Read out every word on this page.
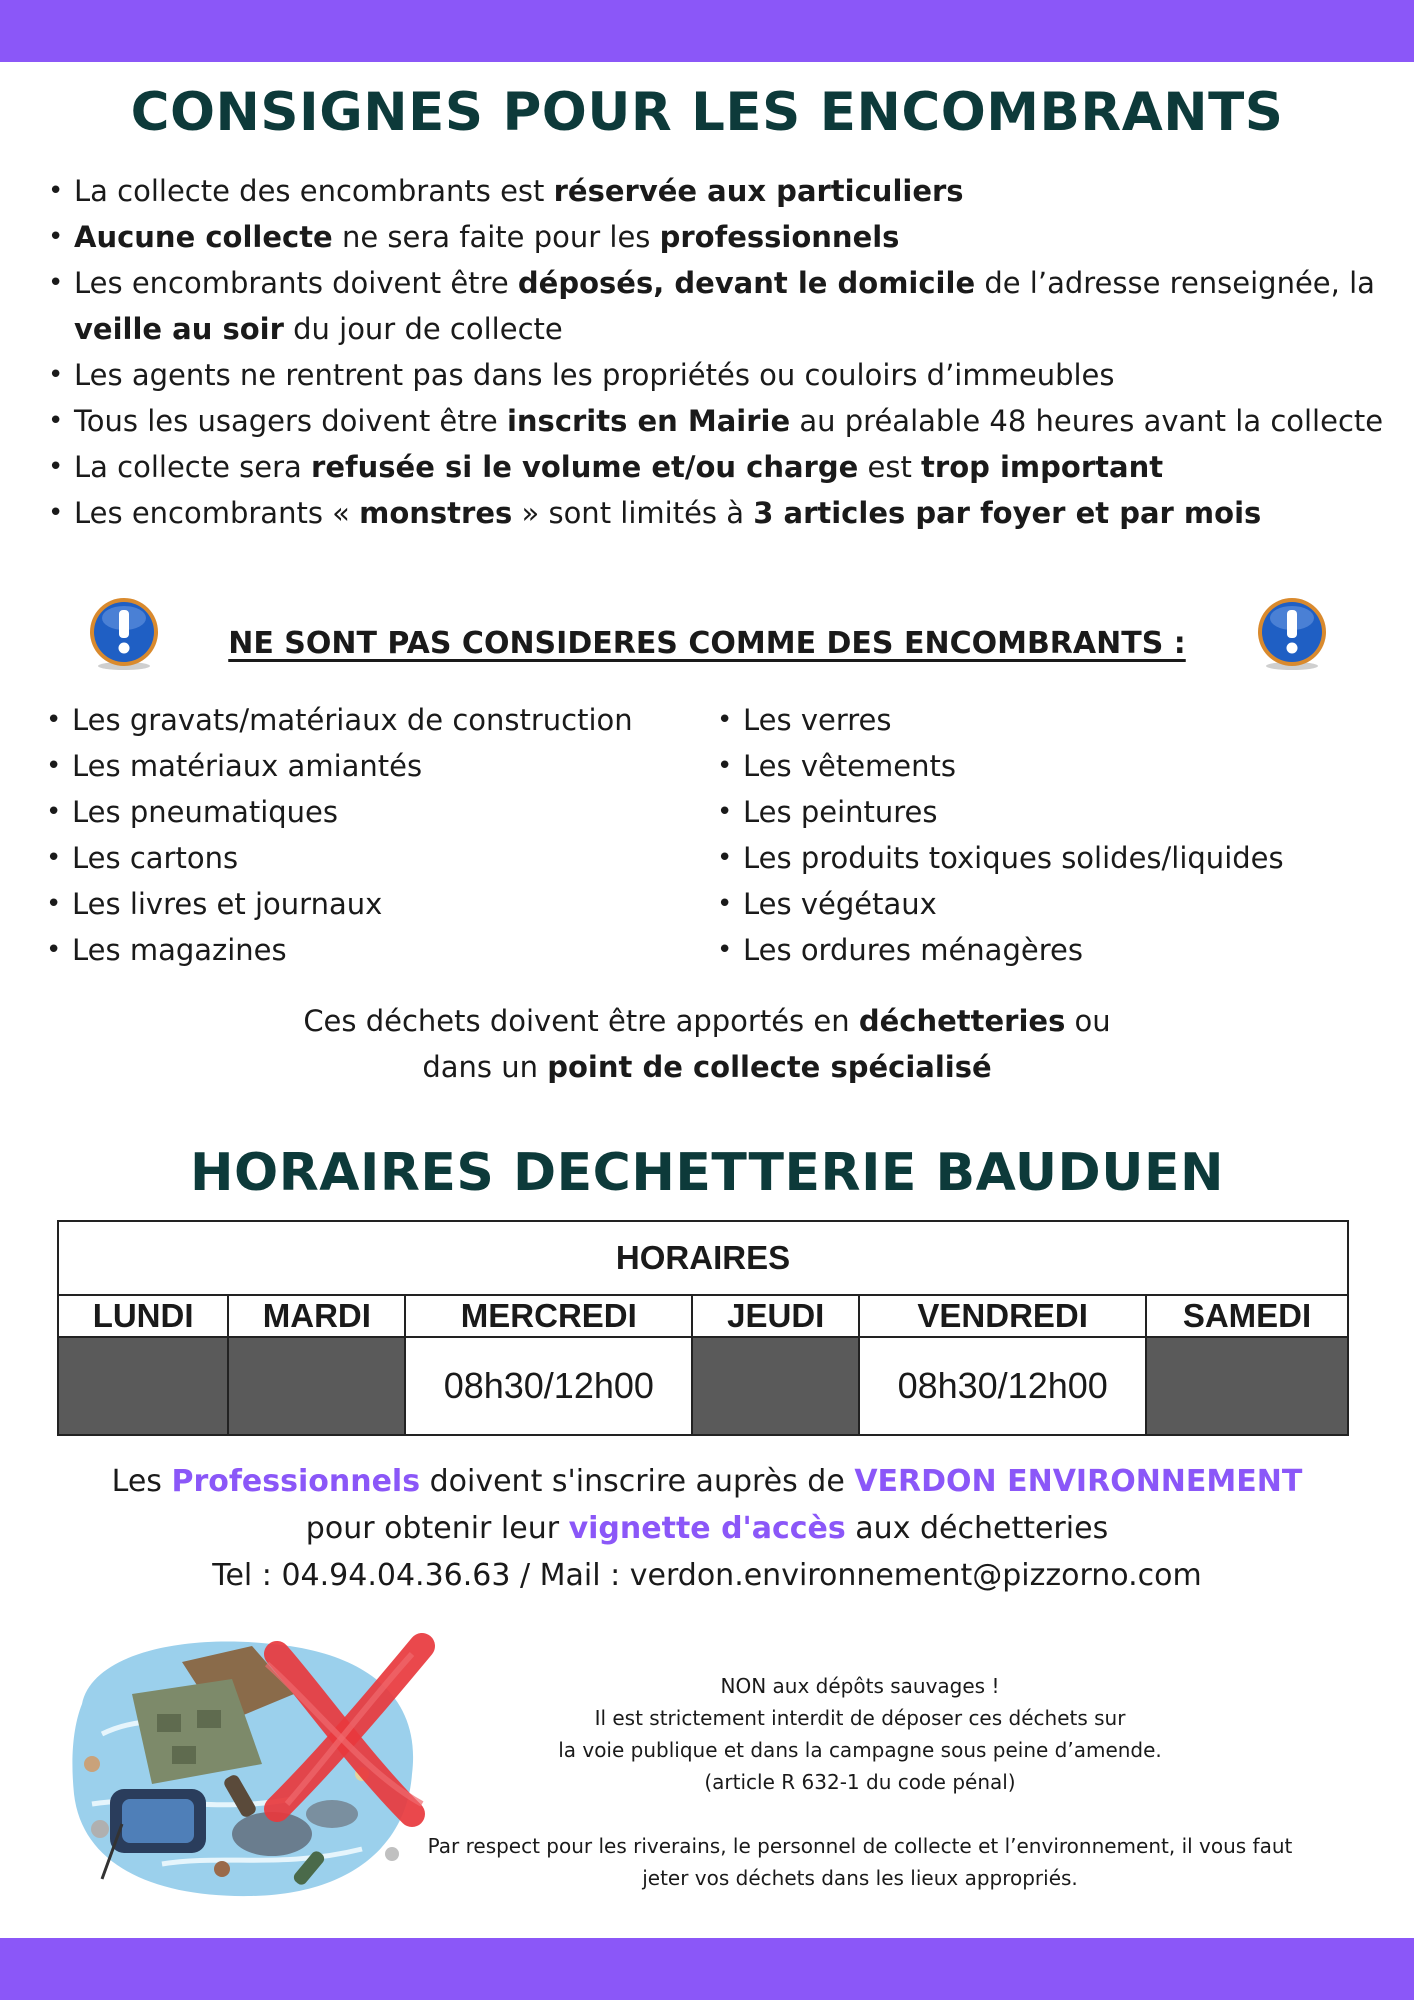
CONSIGNES POUR LES ENCOMBRANTS
• La collecte des encombrants est réservée aux particuliers
• Aucune collecte ne sera faite pour les professionnels
• Les encombrants doivent être déposés, devant le domicile de l’adresse renseignée, la veille au soir du jour de collecte
• Les agents ne rentrent pas dans les propriétés ou couloirs d’immeubles
• Tous les usagers doivent être inscrits en Mairie au préalable 48 heures avant la collecte
• La collecte sera refusée si le volume et/ou charge est trop important
• Les encombrants « monstres » sont limités à 3 articles par foyer et par mois
NE SONT PAS CONSIDERES COMME DES ENCOMBRANTS :
• Les gravats/matériaux de construction
• Les matériaux amiantés
• Les pneumatiques
• Les cartons
• Les livres et journaux
• Les magazines
• Les verres
• Les vêtements
• Les peintures
• Les produits toxiques solides/liquides
• Les végétaux
• Les ordures ménagères

Ces déchets doivent être apportés en déchetteries ou

dans un point de collecte spécialisé

HORAIRES DECHETTERIE BAUDUEN
HORAIRES					
LUNDI	MARDI	MERCREDI	JEUDI	VENDREDI	SAMEDI
		08h30/12h00		08h30/12h00	

Les Professionnels doivent s'inscrire auprès de VERDON ENVIRONNEMENT

pour obtenir leur vignette d'accès aux déchetteries

Tel : 04.94.04.36.63 / Mail : verdon.environnement@pizzorno.com

NON aux dépôts sauvages !

Il est strictement interdit de déposer ces déchets sur

la voie publique et dans la campagne sous peine d’amende.

(article R 632-1 du code pénal)

Par respect pour les riverains, le personnel de collecte et l’environnement, il vous faut

jeter vos déchets dans les lieux appropriés.
